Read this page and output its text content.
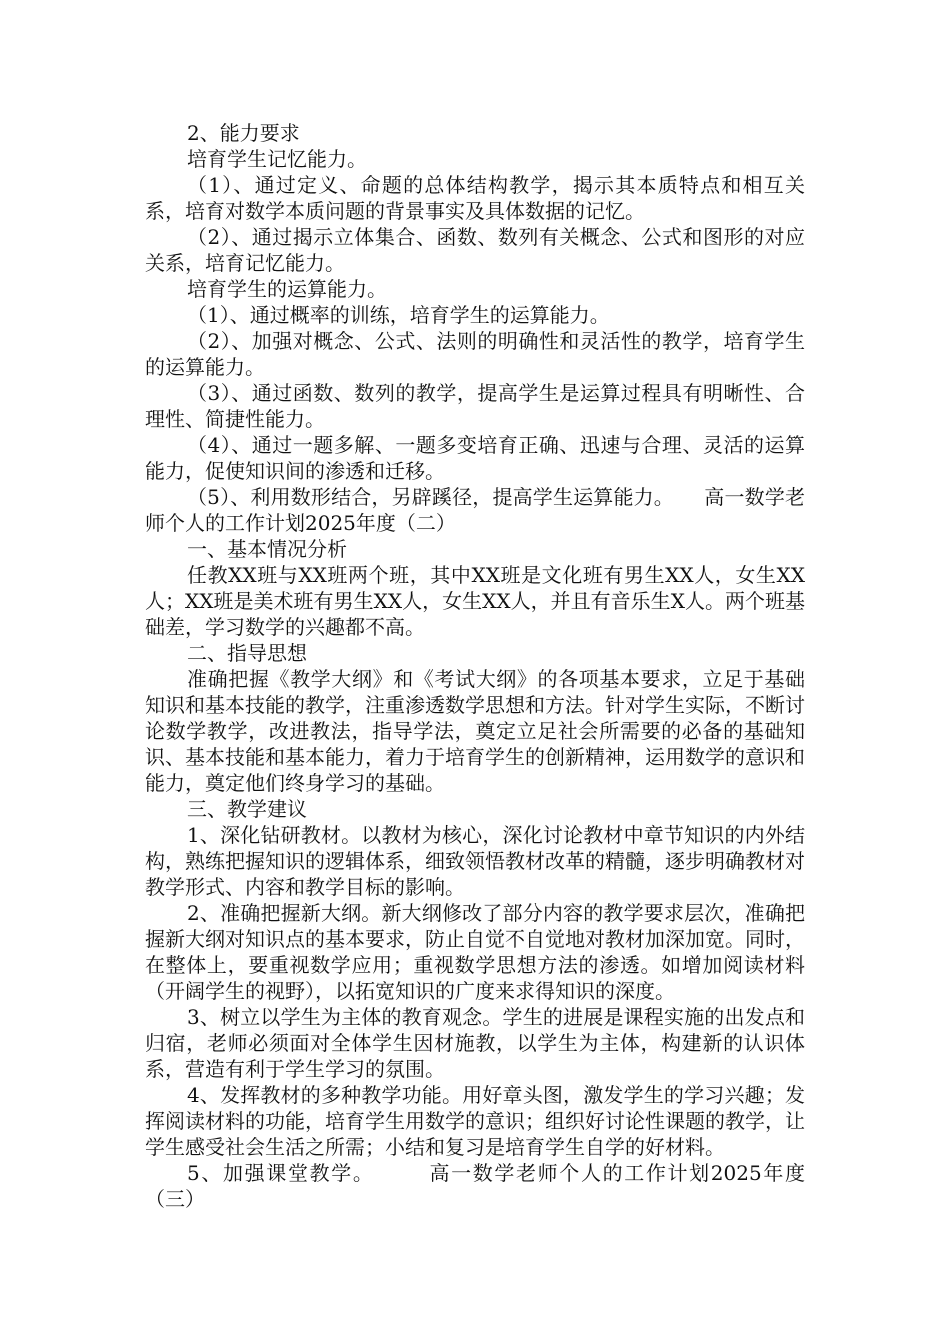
2、能力要求

培育学生记忆能力。

（1）、通过定义、命题的总体结构教学，揭示其本质特点和相互关系，培育对数学本质问题的背景事实及具体数据的记忆。

（2）、通过揭示立体集合、函数、数列有关概念、公式和图形的对应关系，培育记忆能力。

培育学生的运算能力。

（1）、通过概率的训练，培育学生的运算能力。

（2）、加强对概念、公式、法则的明确性和灵活性的教学，培育学生的运算能力。

（3）、通过函数、数列的教学，提高学生是运算过程具有明晰性、合理性、简捷性能力。

（4）、通过一题多解、一题多变培育正确、迅速与合理、灵活的运算能力，促使知识间的渗透和迁移。

（5）、利用数形结合，另辟蹊径，提高学生运算能力。　　高一数学老师个人的工作计划2025年度（二）

一、基本情况分析

任教XX班与XX班两个班，其中XX班是文化班有男生XX人，女生XX人；XX班是美术班有男生XX人，女生XX人，并且有音乐生X人。两个班基础差，学习数学的兴趣都不高。

二、指导思想

准确把握《教学大纲》和《考试大纲》的各项基本要求，立足于基础知识和基本技能的教学，注重渗透数学思想和方法。针对学生实际，不断讨论数学教学，改进教法，指导学法，奠定立足社会所需要的必备的基础知识、基本技能和基本能力，着力于培育学生的创新精神，运用数学的意识和能力，奠定他们终身学习的基础。

三、教学建议

1、深化钻研教材。以教材为核心，深化讨论教材中章节知识的内外结构，熟练把握知识的逻辑体系，细致领悟教材改革的精髓，逐步明确教材对教学形式、内容和教学目标的影响。

2、准确把握新大纲。新大纲修改了部分内容的教学要求层次，准确把握新大纲对知识点的基本要求，防止自觉不自觉地对教材加深加宽。同时，在整体上，要重视数学应用；重视数学思想方法的渗透。如增加阅读材料（开阔学生的视野），以拓宽知识的广度来求得知识的深度。

3、树立以学生为主体的教育观念。学生的进展是课程实施的出发点和归宿，老师必须面对全体学生因材施教，以学生为主体，构建新的认识体系，营造有利于学生学习的氛围。

4、发挥教材的多种教学功能。用好章头图，激发学生的学习兴趣；发挥阅读材料的功能，培育学生用数学的意识；组织好讨论性课题的教学，让学生感受社会生活之所需；小结和复习是培育学生自学的好材料。

5、加强课堂教学。　　　高一数学老师个人的工作计划2025年度（三）
